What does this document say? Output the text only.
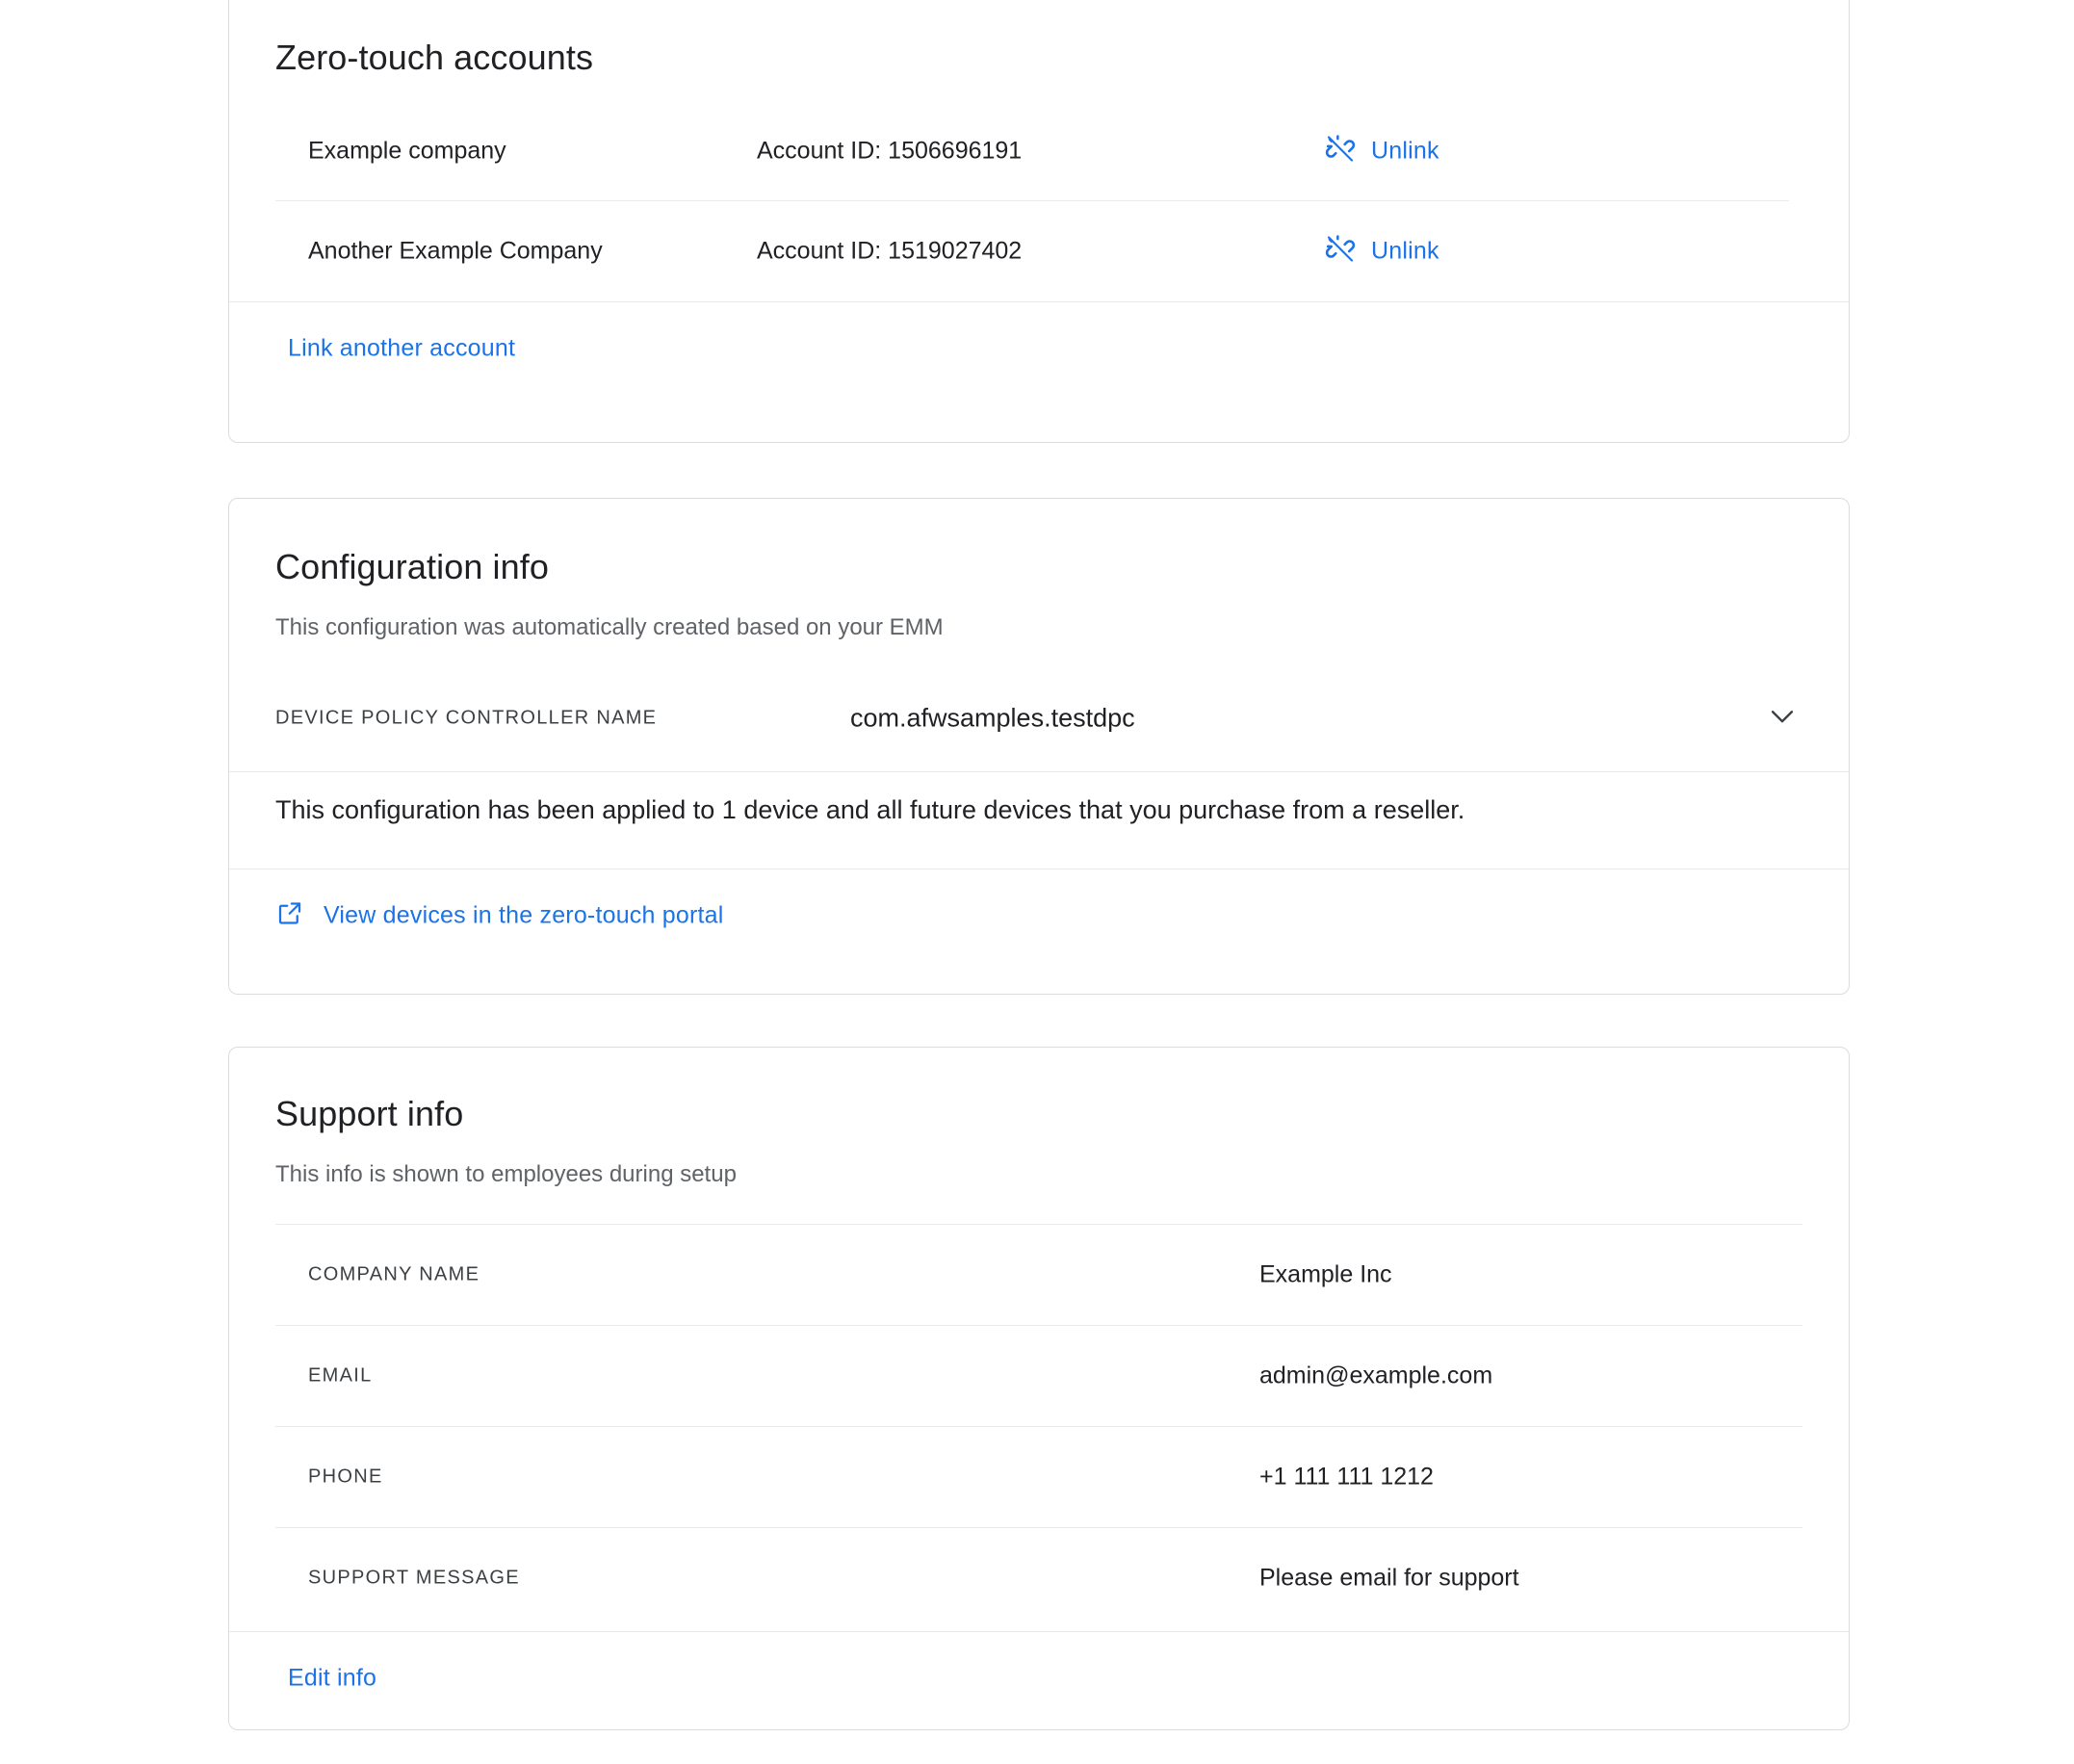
Zero-touch accounts
Example company	Account ID: 1506696191	Unlink
Another Example Company	Account ID: 1519027402	Unlink
Link another account
Configuration info
This configuration was automatically created based on your EMM
DEVICE POLICY CONTROLLER NAME	com.afwsamples.testdpc
This configuration has been applied to 1 device and all future devices that you purchase from a reseller.
View devices in the zero-touch portal
Support info
This info is shown to employees during setup
COMPANY NAME	Example Inc
EMAIL	admin@example.com
PHONE	+1 111 111 1212
SUPPORT MESSAGE	Please email for support
Edit info
